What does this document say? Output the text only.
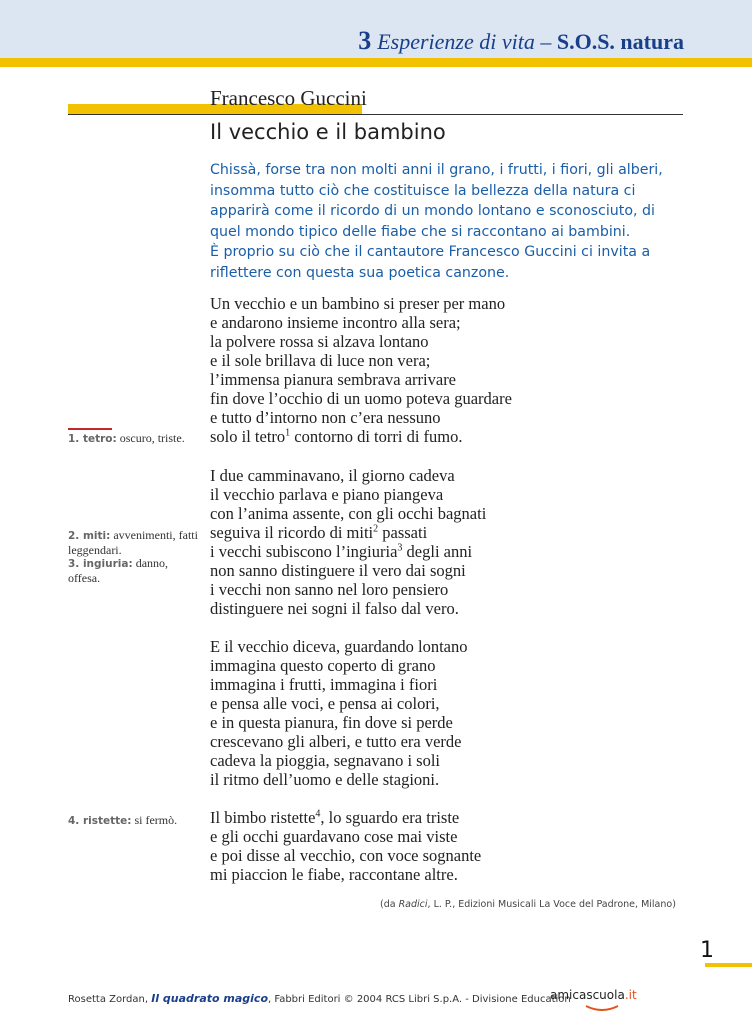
3 Esperienze di vita – S.O.S. natura
Francesco Guccini
Il vecchio e il bambino

Chissà, forse tra non molti anni il grano, i frutti, i fiori, gli alberi, insomma tutto ciò che costituisce la bellezza della natura ci apparirà come il ricordo di un mondo lontano e sconosciuto, di quel mondo tipico delle fiabe che si raccontano ai bambini.

È proprio su ciò che il cantautore Francesco Guccini ci invita a riflettere con questa sua poetica canzone.

Un vecchio e un bambino si preser per mano
e andarono insieme incontro alla sera;
la polvere rossa si alzava lontano
e il sole brillava di luce non vera;
l’immensa pianura sembrava arrivare
fin dove l’occhio di un uomo poteva guardare
e tutto d’intorno non c’era nessuno
solo il tetro$^1$ contorno di torri di fumo.
I due camminavano, il giorno cadeva
il vecchio parlava e piano piangeva
con l’anima assente, con gli occhi bagnati
seguiva il ricordo di miti$^2$ passati
i vecchi subiscono l’ingiuria$^3$ degli anni
non sanno distinguere il vero dai sogni
i vecchi non sanno nel loro pensiero
distinguere nei sogni il falso dal vero.
E il vecchio diceva, guardando lontano
immagina questo coperto di grano
immagina i frutti, immagina i fiori
e pensa alle voci, e pensa ai colori,
e in questa pianura, fin dove si perde
crescevano gli alberi, e tutto era verde
cadeva la pioggia, segnavano i soli
il ritmo dell’uomo e delle stagioni.
Il bimbo ristette$^4$, lo sguardo era triste
e gli occhi guardavano cose mai viste
e poi disse al vecchio, con voce sognante
mi piaccion le fiabe, raccontane altre.
1. tetro: oscuro, triste.
2. miti: avvenimenti, fatti leggendari.
3. ingiuria: danno, offesa.
4. ristette: si fermò.
(da Radici, L. P., Edizioni Musicali La Voce del Padrone, Milano)
1
Rosetta Zordan, Il quadrato magico, Fabbri Editori © 2004 RCS Libri S.p.A. - Divisione Education
amicascuola.it
